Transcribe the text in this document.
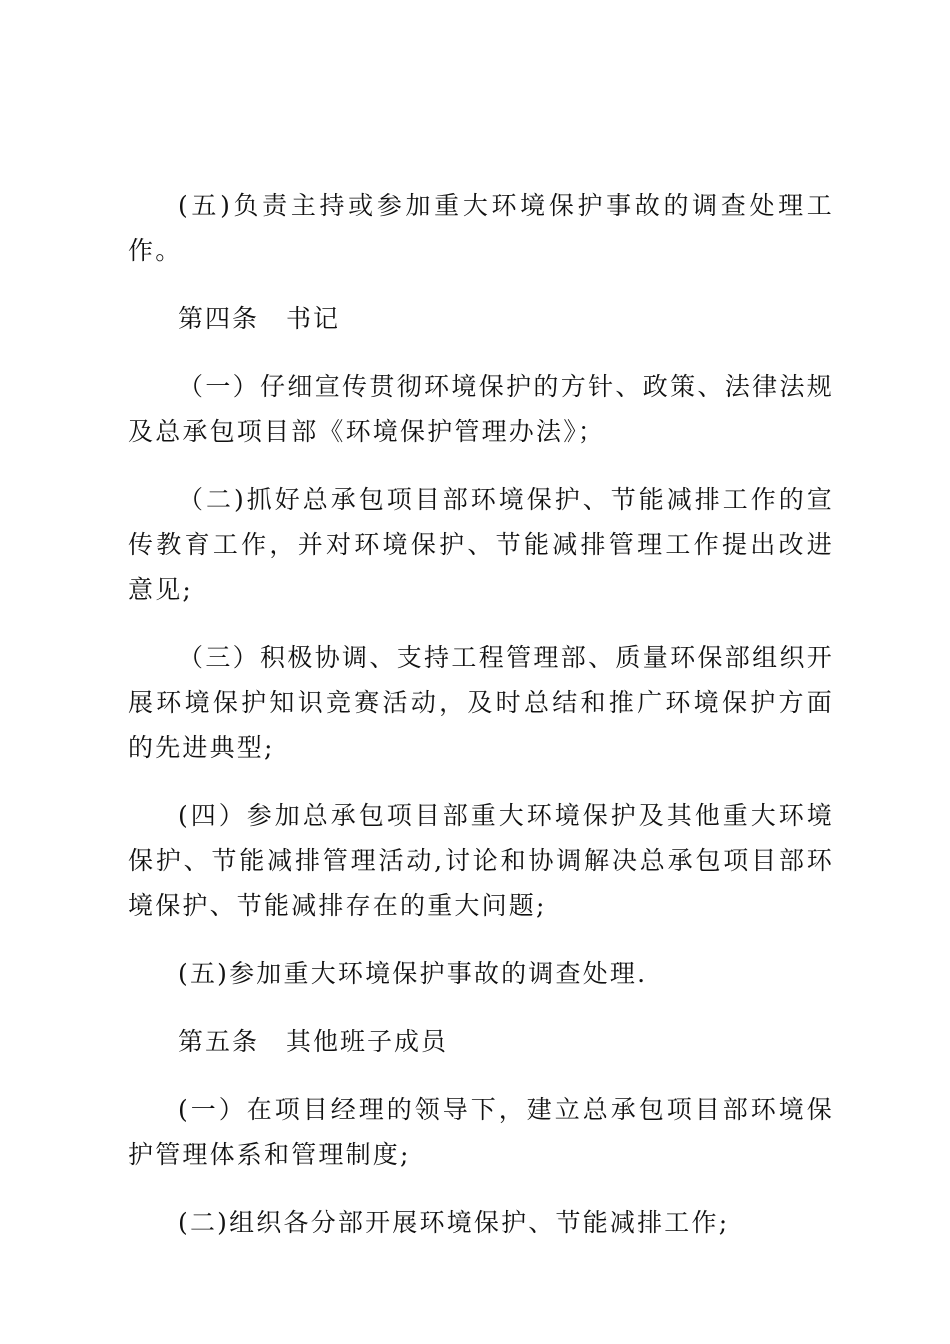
(五)负责主持或参加重大环境保护事故的调查处理工作。

第四条　书记

（一）仔细宣传贯彻环境保护的方针、政策、法律法规及总承包项目部《环境保护管理办法》；

（二)抓好总承包项目部环境保护、节能减排工作的宣传教育工作，并对环境保护、节能减排管理工作提出改进意见;

（三）积极协调、支持工程管理部、质量环保部组织开展环境保护知识竞赛活动，及时总结和推广环境保护方面的先进典型;

(四）参加总承包项目部重大环境保护及其他重大环境保护、节能减排管理活动,讨论和协调解决总承包项目部环境保护、节能减排存在的重大问题;

(五)参加重大环境保护事故的调查处理.

第五条　其他班子成员

(一）在项目经理的领导下，建立总承包项目部环境保护管理体系和管理制度;

(二)组织各分部开展环境保护、节能减排工作;
